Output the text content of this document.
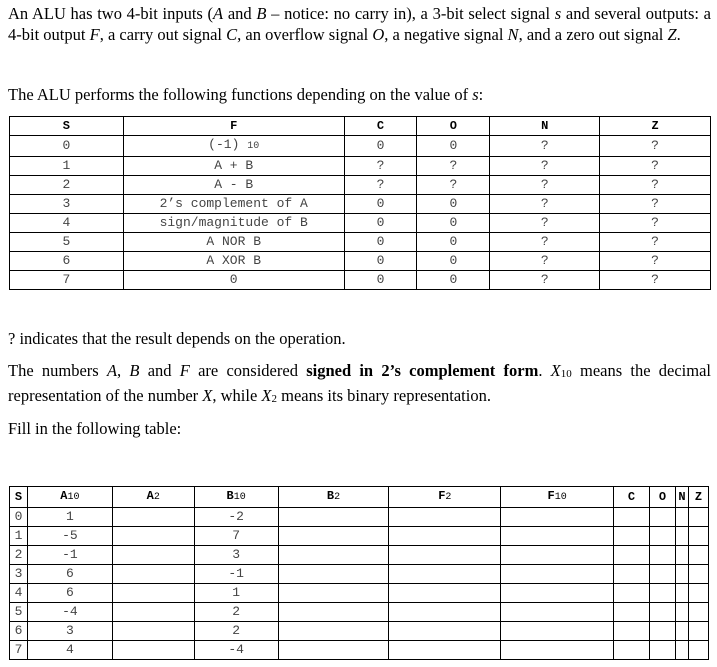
An ALU has two 4-bit inputs (A and B – notice: no carry in), a 3-bit select signal s and several outputs: a 4-bit output F, a carry out signal C, an overflow signal O, a negative signal N, and a zero out signal Z.

The ALU performs the following functions depending on the value of s:

S	F	C	O	N	Z
0	(-1) 10	0	0	?	?
1	A + B	?	?	?	?
2	A - B	?	?	?	?
3	2’s complement of A	0	0	?	?
4	sign/magnitude of B	0	0	?	?
5	A NOR B	0	0	?	?
6	A XOR B	0	0	?	?
7	0	0	0	?	?

? indicates that the result depends on the operation.

The numbers A, B and F are considered signed in 2’s complement form. $X_{10}$ means the decimal representation of the number X, while $X_2$ means its binary representation.

Fill in the following table:

S	A10	A2	B10	B2	F2	F10	C	O	N	Z
0	1		-2							
1	-5		7							
2	-1		3							
3	6		-1							
4	6		1							
5	-4		2							
6	3		2							
7	4		-4							
